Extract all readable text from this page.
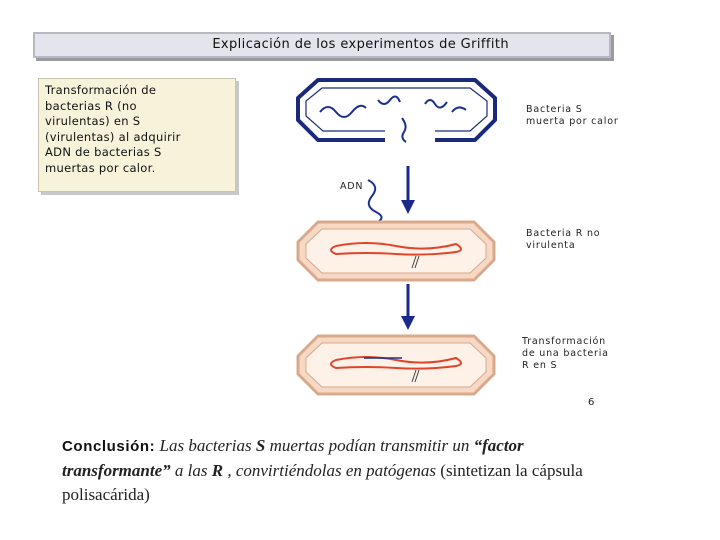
Explicación de los experimentos de Griffith
Transformación de
bacterias R (no
virulentas) en S
(virulentas) al adquirir
ADN de bacterias S
muertas por calor.
Bacteria S
muerta por calor
ADN
Bacteria R no
virulenta
Transformación
de una bacteria
R en S
6
Conclusión: Las bacterias S muertas podían transmitir un “factor transformante” a las R , convirtiéndolas en patógenas (sintetizan la cápsula polisacárida)
